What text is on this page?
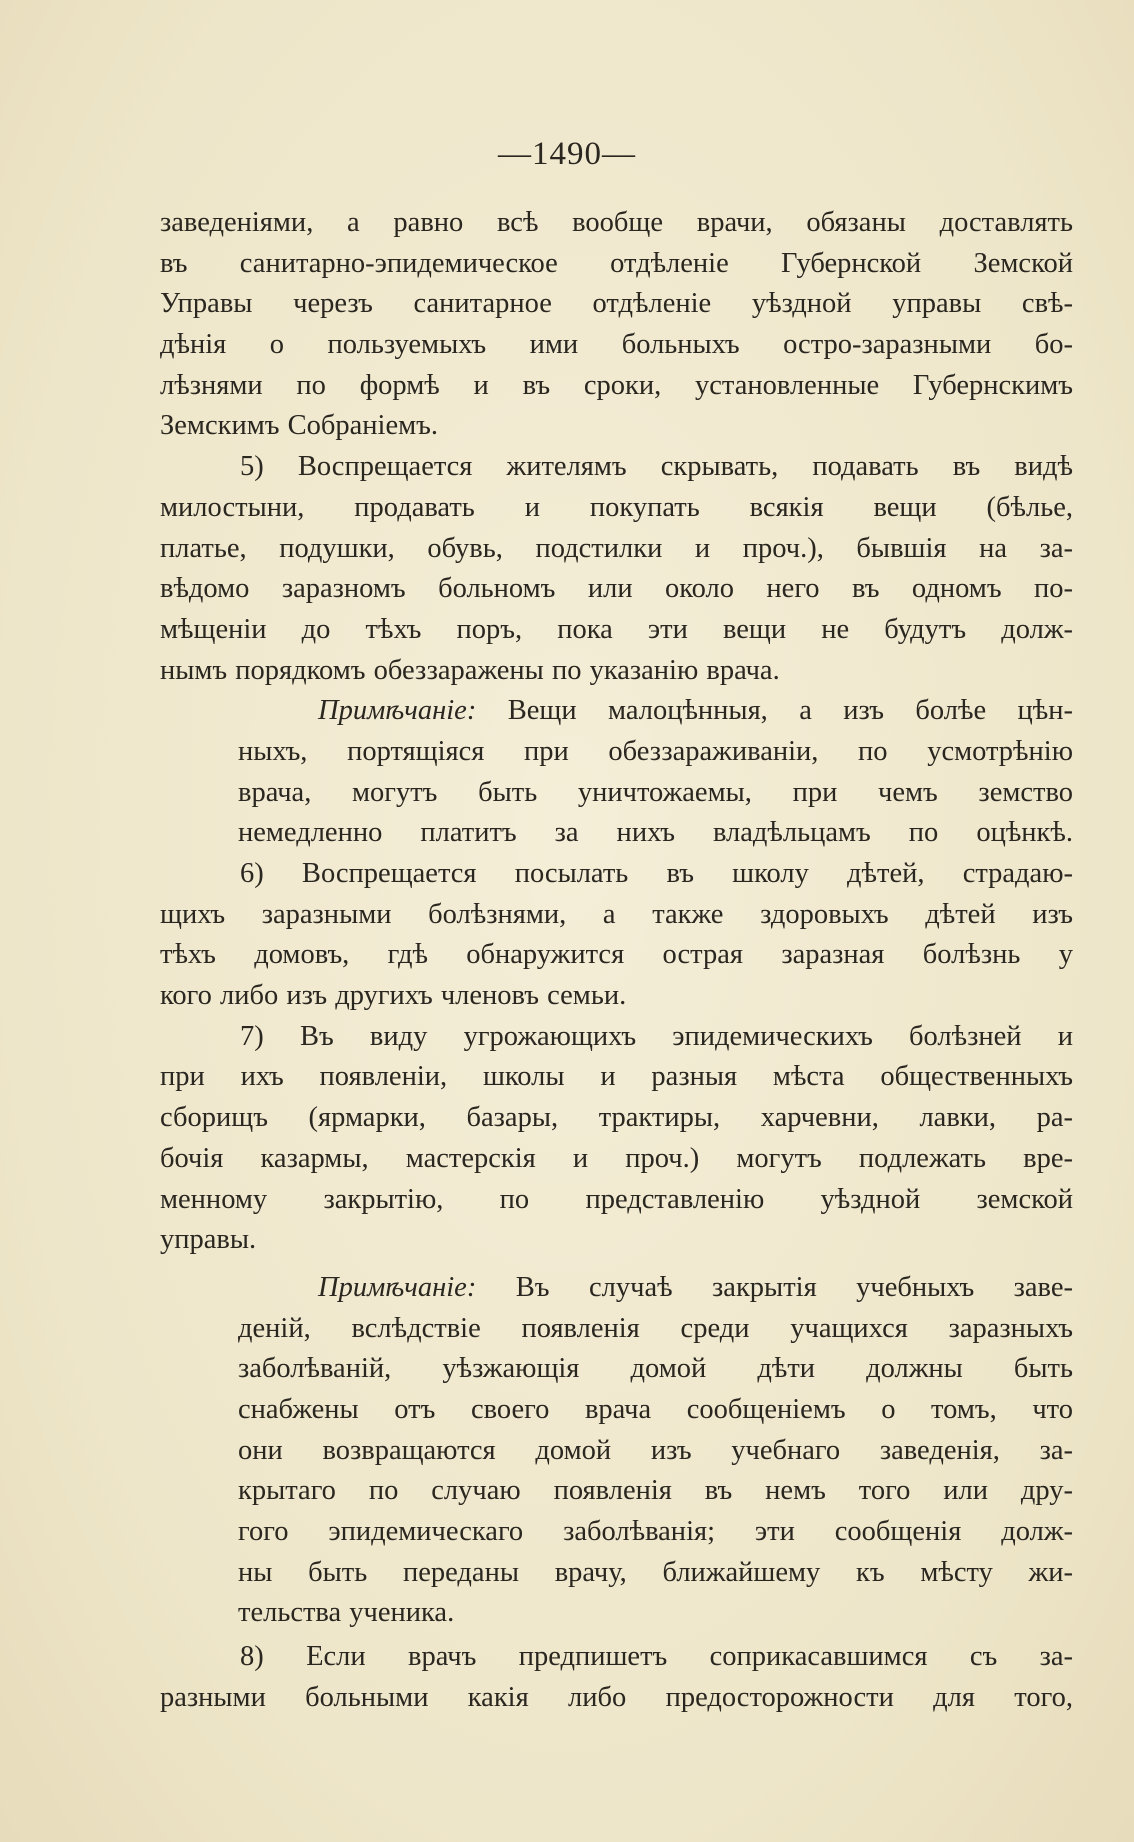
—1490—
заведеніями, а равно всѣ вообще врачи, обязаны доставлять
въ санитарно-эпидемическое отдѣленіе Губернской Земской
Управы черезъ санитарное отдѣленіе уѣздной управы свѣ-
дѣнія о пользуемыхъ ими больныхъ остро-заразными бо-
лѣзнями по формѣ и въ сроки, установленные Губернскимъ
Земскимъ Собраніемъ.
5) Воспрещается жителямъ скрывать, подавать въ видѣ
милостыни, продавать и покупать всякія вещи (бѣлье,
платье, подушки, обувь, подстилки и проч.), бывшія на за-
вѣдомо заразномъ больномъ или около него въ одномъ по-
мѣщеніи до тѣхъ поръ, пока эти вещи не будутъ долж-
нымъ порядкомъ обеззаражены по указанію врача.
Примѣчаніе: Вещи малоцѣнныя, а изъ болѣе цѣн-
ныхъ, портящіяся при обеззараживаніи, по усмотрѣнію
врача, могутъ быть уничтожаемы, при чемъ земство
немедленно платитъ за нихъ владѣльцамъ по оцѣнкѣ.
6) Воспрещается посылать въ школу дѣтей, страдаю-
щихъ заразными болѣзнями, а также здоровыхъ дѣтей изъ
тѣхъ домовъ, гдѣ обнаружится острая заразная болѣзнь у
кого либо изъ другихъ членовъ семьи.
7) Въ виду угрожающихъ эпидемическихъ болѣзней и
при ихъ появленіи, школы и разныя мѣста общественныхъ
сборищъ (ярмарки, базары, трактиры, харчевни, лавки, ра-
бочія казармы, мастерскія и проч.) могутъ подлежать вре-
менному закрытію, по представленію уѣздной земской
управы.
Примѣчаніе: Въ случаѣ закрытія учебныхъ заве-
деній, вслѣдствіе появленія среди учащихся заразныхъ
заболѣваній, уѣзжающія домой дѣти должны быть
снабжены отъ своего врача сообщеніемъ о томъ, что
они возвращаются домой изъ учебнаго заведенія, за-
крытаго по случаю появленія въ немъ того или дру-
гого эпидемическаго заболѣванія; эти сообщенія долж-
ны быть переданы врачу, ближайшему къ мѣсту жи-
тельства ученика.
8) Если врачъ предпишетъ соприкасавшимся съ за-
разными больными какія либо предосторожности для того,
